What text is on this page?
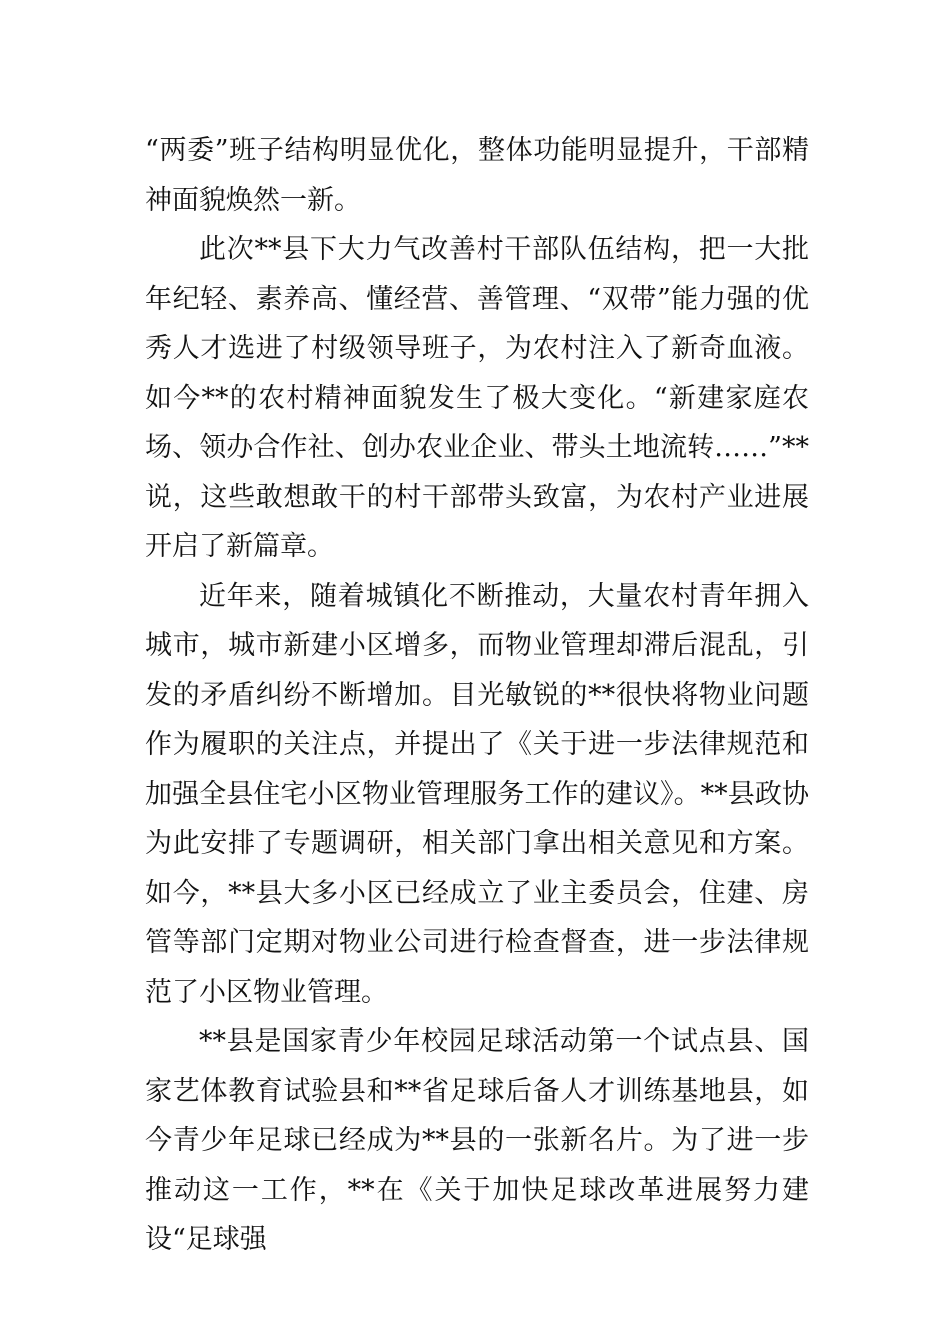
“两委”班子结构明显优化，整体功能明显提升，干部精神面貌焕然一新。

此次**县下大力气改善村干部队伍结构，把一大批年纪轻、素养高、懂经营、善管理、“双带”能力强的优秀人才选进了村级领导班子，为农村注入了新奇血液。如今**的农村精神面貌发生了极大变化。“新建家庭农场、领办合作社、创办农业企业、带头土地流转……”**说，这些敢想敢干的村干部带头致富，为农村产业进展开启了新篇章。

近年来，随着城镇化不断推动，大量农村青年拥入城市，城市新建小区增多，而物业管理却滞后混乱，引发的矛盾纠纷不断增加。目光敏锐的**很快将物业问题作为履职的关注点，并提出了《关于进一步法律规范和加强全县住宅小区物业管理服务工作的建议》。**县政协为此安排了专题调研，相关部门拿出相关意见和方案。如今，**县大多小区已经成立了业主委员会，住建、房管等部门定期对物业公司进行检查督查，进一步法律规范了小区物业管理。

**县是国家青少年校园足球活动第一个试点县、国家艺体教育试验县和**省足球后备人才训练基地县，如今青少年足球已经成为**县的一张新名片。为了进一步推动这一工作，**在《关于加快足球改革进展努力建设“足球强
